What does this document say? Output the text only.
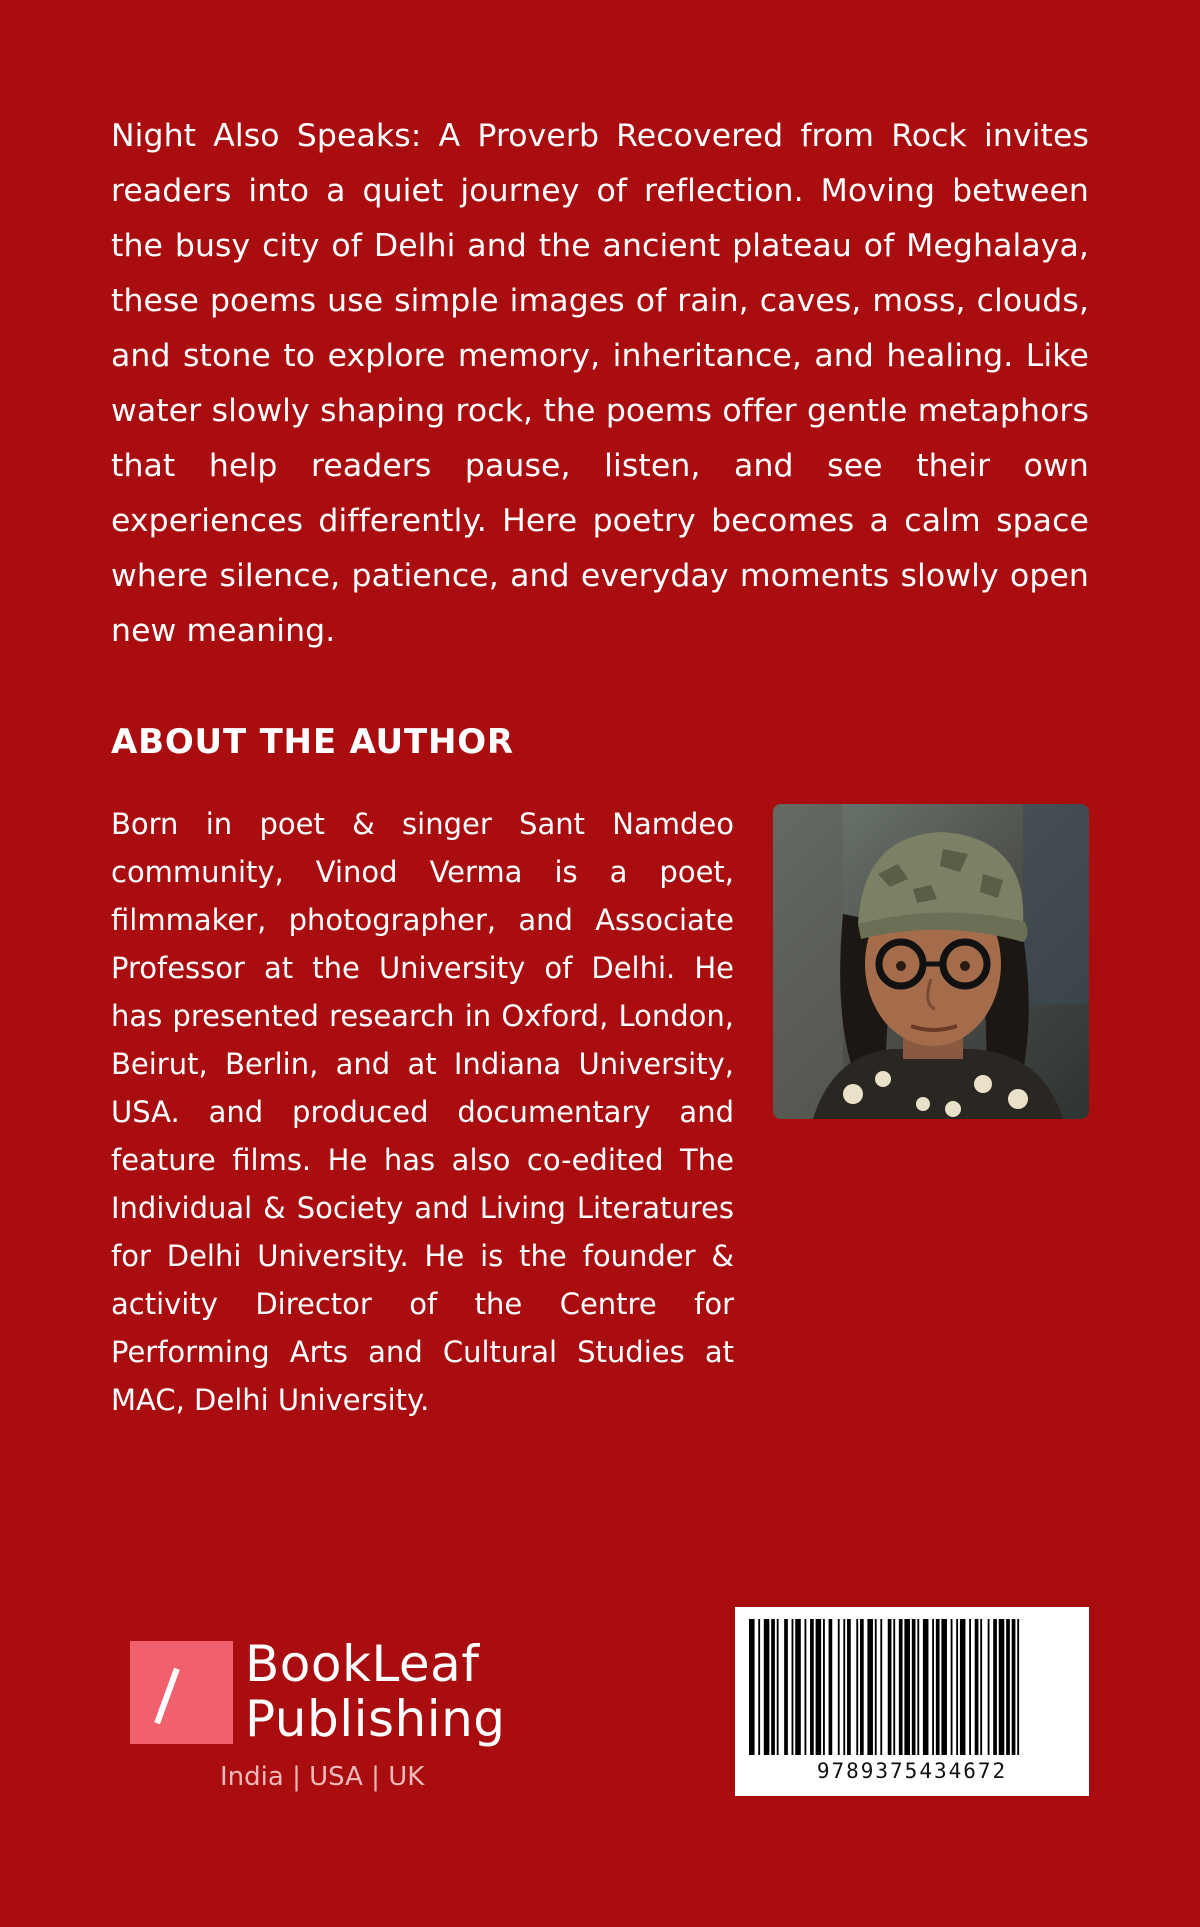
Night Also Speaks: A Proverb Recovered from Rock invites readers into a quiet journey of reflection. Moving between the busy city of Delhi and the ancient plateau of Meghalaya, these poems use simple images of rain, caves, moss, clouds, and stone to explore memory, inheritance, and healing. Like water slowly shaping rock, the poems offer gentle metaphors that help readers pause, listen, and see their own experiences differently. Here poetry becomes a calm space where silence, patience, and everyday moments slowly open new meaning.

ABOUT THE AUTHOR

Born in poet & singer Sant Namdeo community, Vinod Verma is a poet, filmmaker, photographer, and Associate Professor at the University of Delhi. He has presented research in Oxford, London, Beirut, Berlin, and at Indiana University, USA. and produced documentary and feature films. He has also co-edited The Individual & Society and Living Literatures for Delhi University. He is the founder & activity Director of the Centre for Performing Arts and Cultural Studies at MAC, Delhi University.

BookLeaf
Publishing
India | USA | UK	9789375434672
